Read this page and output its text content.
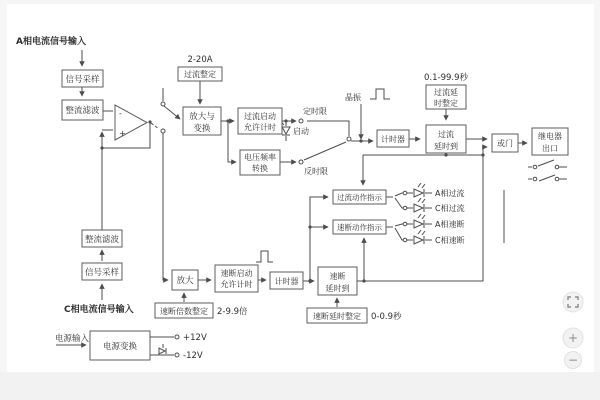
-
+
信号采样
整流滤波
过流整定
放大与
变换
过流启动
允许计时
电压频率
转换
计时器
过流延
时整定
过流
延时到	或门
继电器
出口
过流动作指示
速断动作指示
整流滤波
信号采样
放大
速断启动
允许计时	计时器
速断
延时到
速断倍数整定
速断延时整定
电源变换
A相电流信号输入
C相电流信号输入
电源输入
2-20A
0.1-99.9秒
2-9.9倍	0-0.9秒
定时限
反时限
启动
晶振
+12V
-12V
A相过流
C相过流
A相速断
C相速断
+
−
